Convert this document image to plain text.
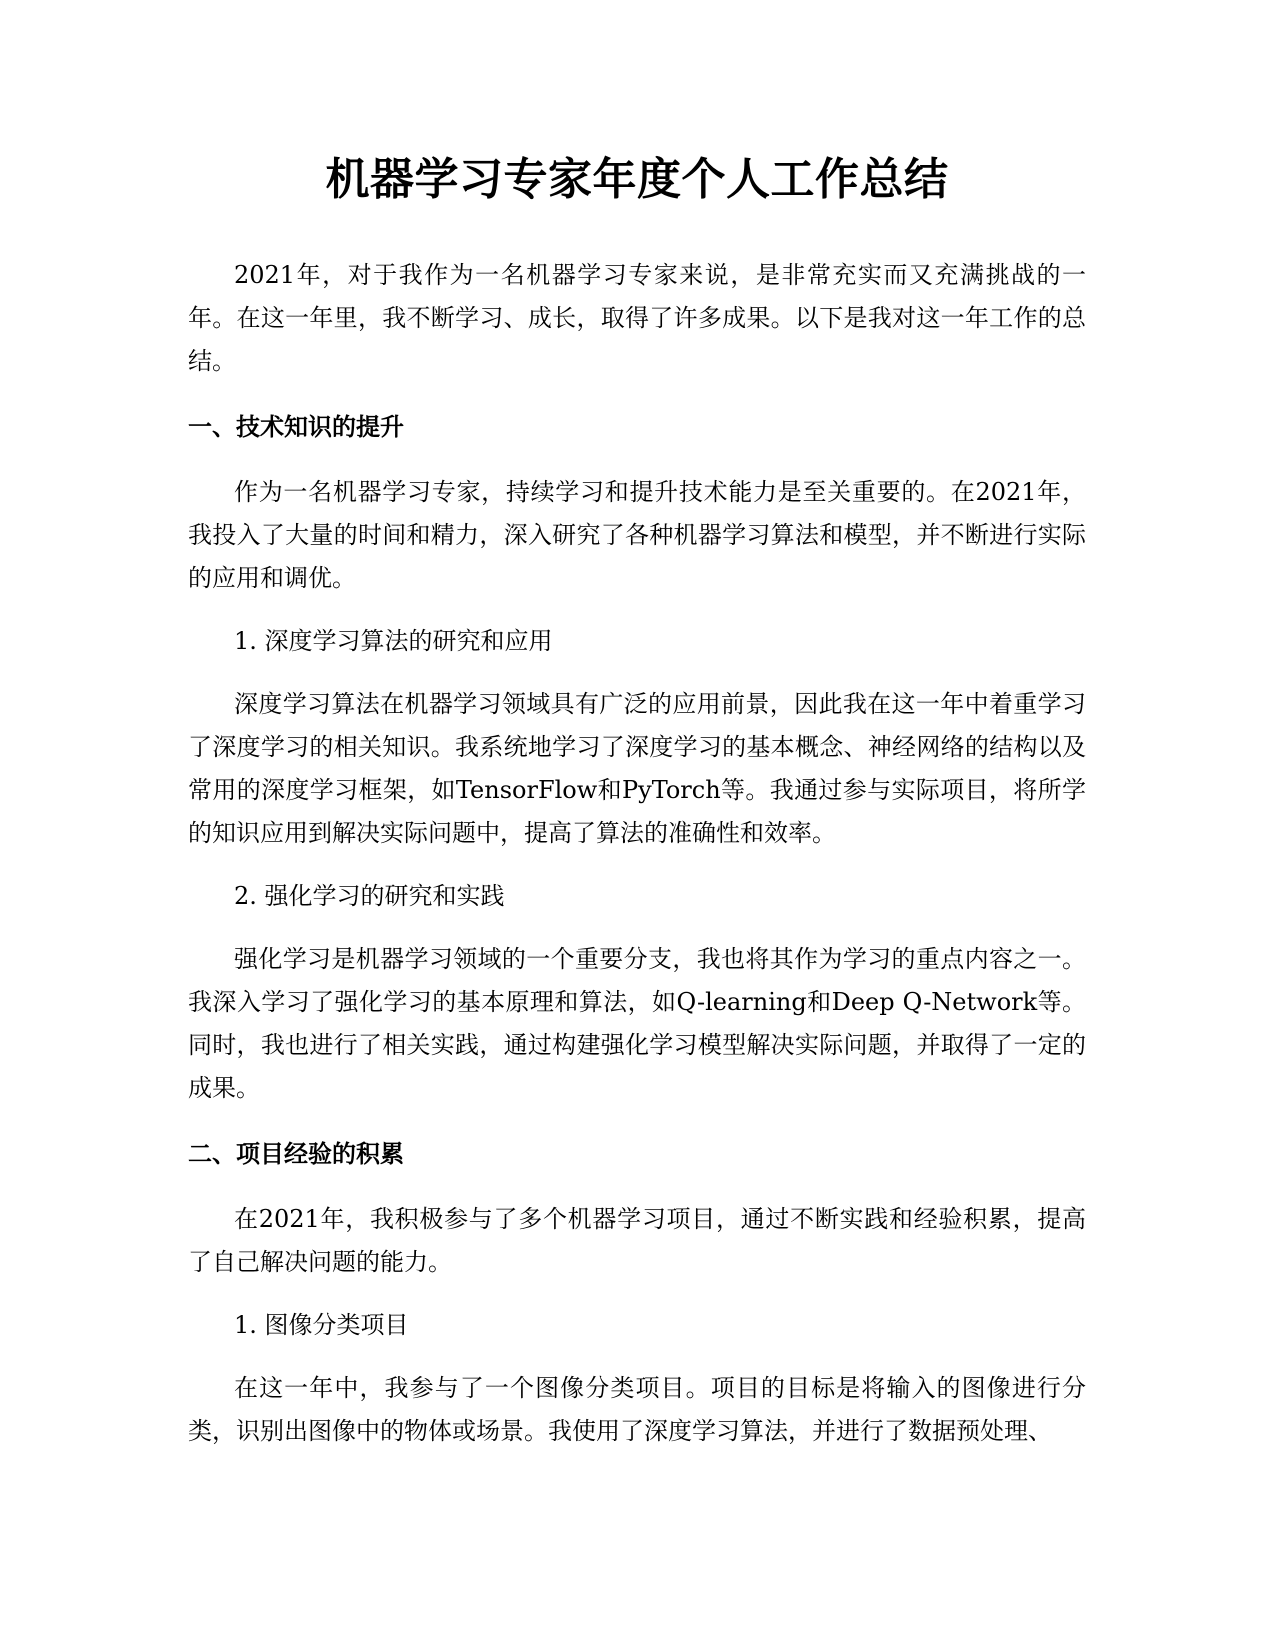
机器学习专家年度个人工作总结

2021年，对于我作为一名机器学习专家来说，是非常充实而又充满挑战的一年。在这一年里，我不断学习、成长，取得了许多成果。以下是我对这一年工作的总结。

一、技术知识的提升

作为一名机器学习专家，持续学习和提升技术能力是至关重要的。在2021年，我投入了大量的时间和精力，深入研究了各种机器学习算法和模型，并不断进行实际的应用和调优。

1. 深度学习算法的研究和应用

深度学习算法在机器学习领域具有广泛的应用前景，因此我在这一年中着重学习了深度学习的相关知识。我系统地学习了深度学习的基本概念、神经网络的结构以及常用的深度学习框架，如TensorFlow和PyTorch等。我通过参与实际项目，将所学的知识应用到解决实际问题中，提高了算法的准确性和效率。

2. 强化学习的研究和实践

强化学习是机器学习领域的一个重要分支，我也将其作为学习的重点内容之一。我深入学习了强化学习的基本原理和算法，如Q-learning和Deep Q-Network等。同时，我也进行了相关实践，通过构建强化学习模型解决实际问题，并取得了一定的成果。

二、项目经验的积累

在2021年，我积极参与了多个机器学习项目，通过不断实践和经验积累，提高了自己解决问题的能力。

1. 图像分类项目

在这一年中，我参与了一个图像分类项目。项目的目标是将输入的图像进行分类，识别出图像中的物体或场景。我使用了深度学习算法，并进行了数据预处理、
